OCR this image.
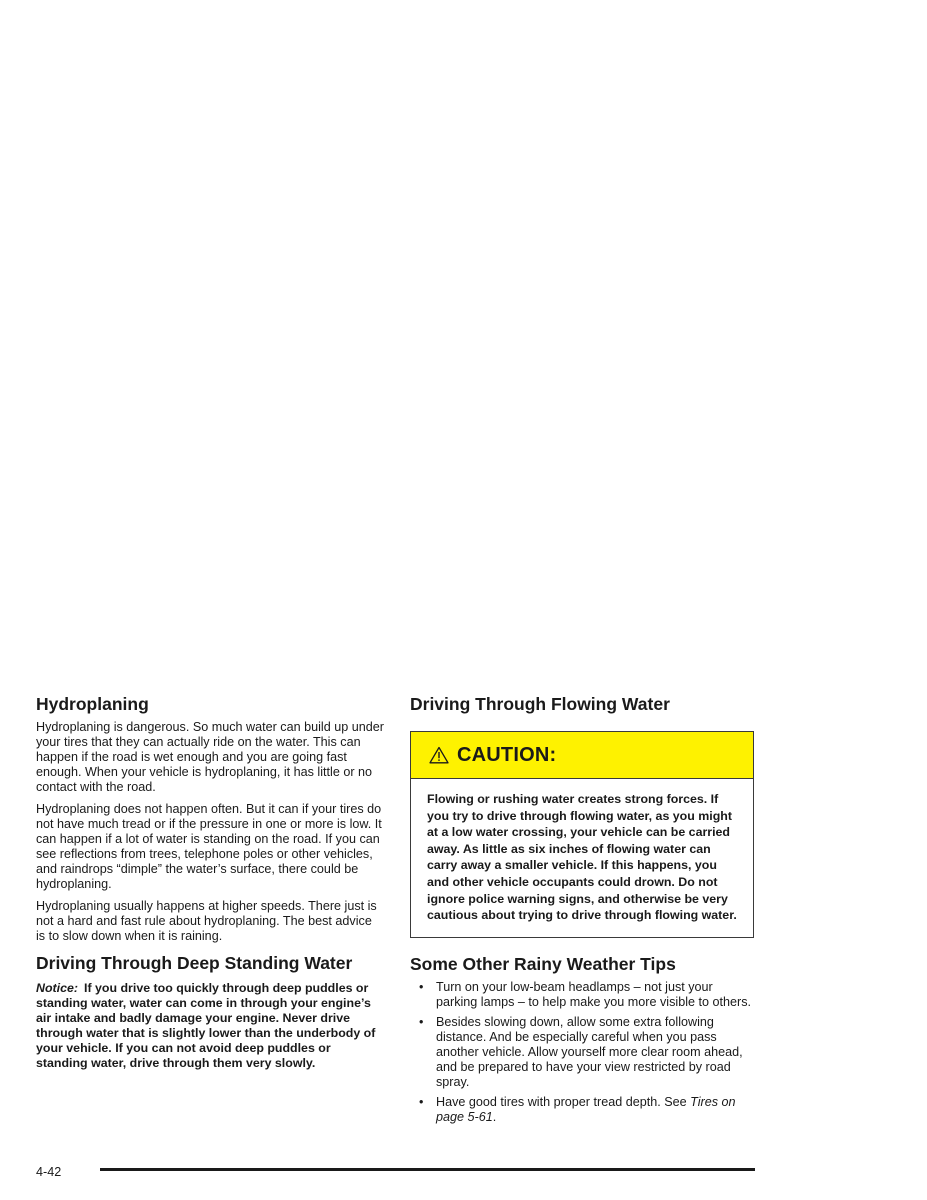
Hydroplaning

Hydroplaning is dangerous. So much water can build up under your tires that they can actually ride on the water. This can happen if the road is wet enough and you are going fast enough. When your vehicle is hydroplaning, it has little or no contact with the road.

Hydroplaning does not happen often. But it can if your tires do not have much tread or if the pressure in one or more is low. It can happen if a lot of water is standing on the road. If you can see reflections from trees, telephone poles or other vehicles, and raindrops “dimple” the water’s surface, there could be hydroplaning.

Hydroplaning usually happens at higher speeds. There just is not a hard and fast rule about hydroplaning. The best advice is to slow down when it is raining.

Driving Through Deep Standing Water

Notice: If you drive too quickly through deep puddles or standing water, water can come in through your engine’s air intake and badly damage your engine. Never drive through water that is slightly lower than the underbody of your vehicle. If you can not avoid deep puddles or standing water, drive through them very slowly.

Driving Through Flowing Water
CAUTION:
Flowing or rushing water creates strong forces. If you try to drive through flowing water, as you might at a low water crossing, your vehicle can be carried away. As little as six inches of flowing water can carry away a smaller vehicle. If this happens, you and other vehicle occupants could drown. Do not ignore police warning signs, and otherwise be very cautious about trying to drive through flowing water.
Some Other Rainy Weather Tips
• Turn on your low-beam headlamps – not just your parking lamps – to help make you more visible to others.
• Besides slowing down, allow some extra following distance. And be especially careful when you pass another vehicle. Allow yourself more clear room ahead, and be prepared to have your view restricted by road spray.
• Have good tires with proper tread depth. See Tires on page 5-61.
4-42
